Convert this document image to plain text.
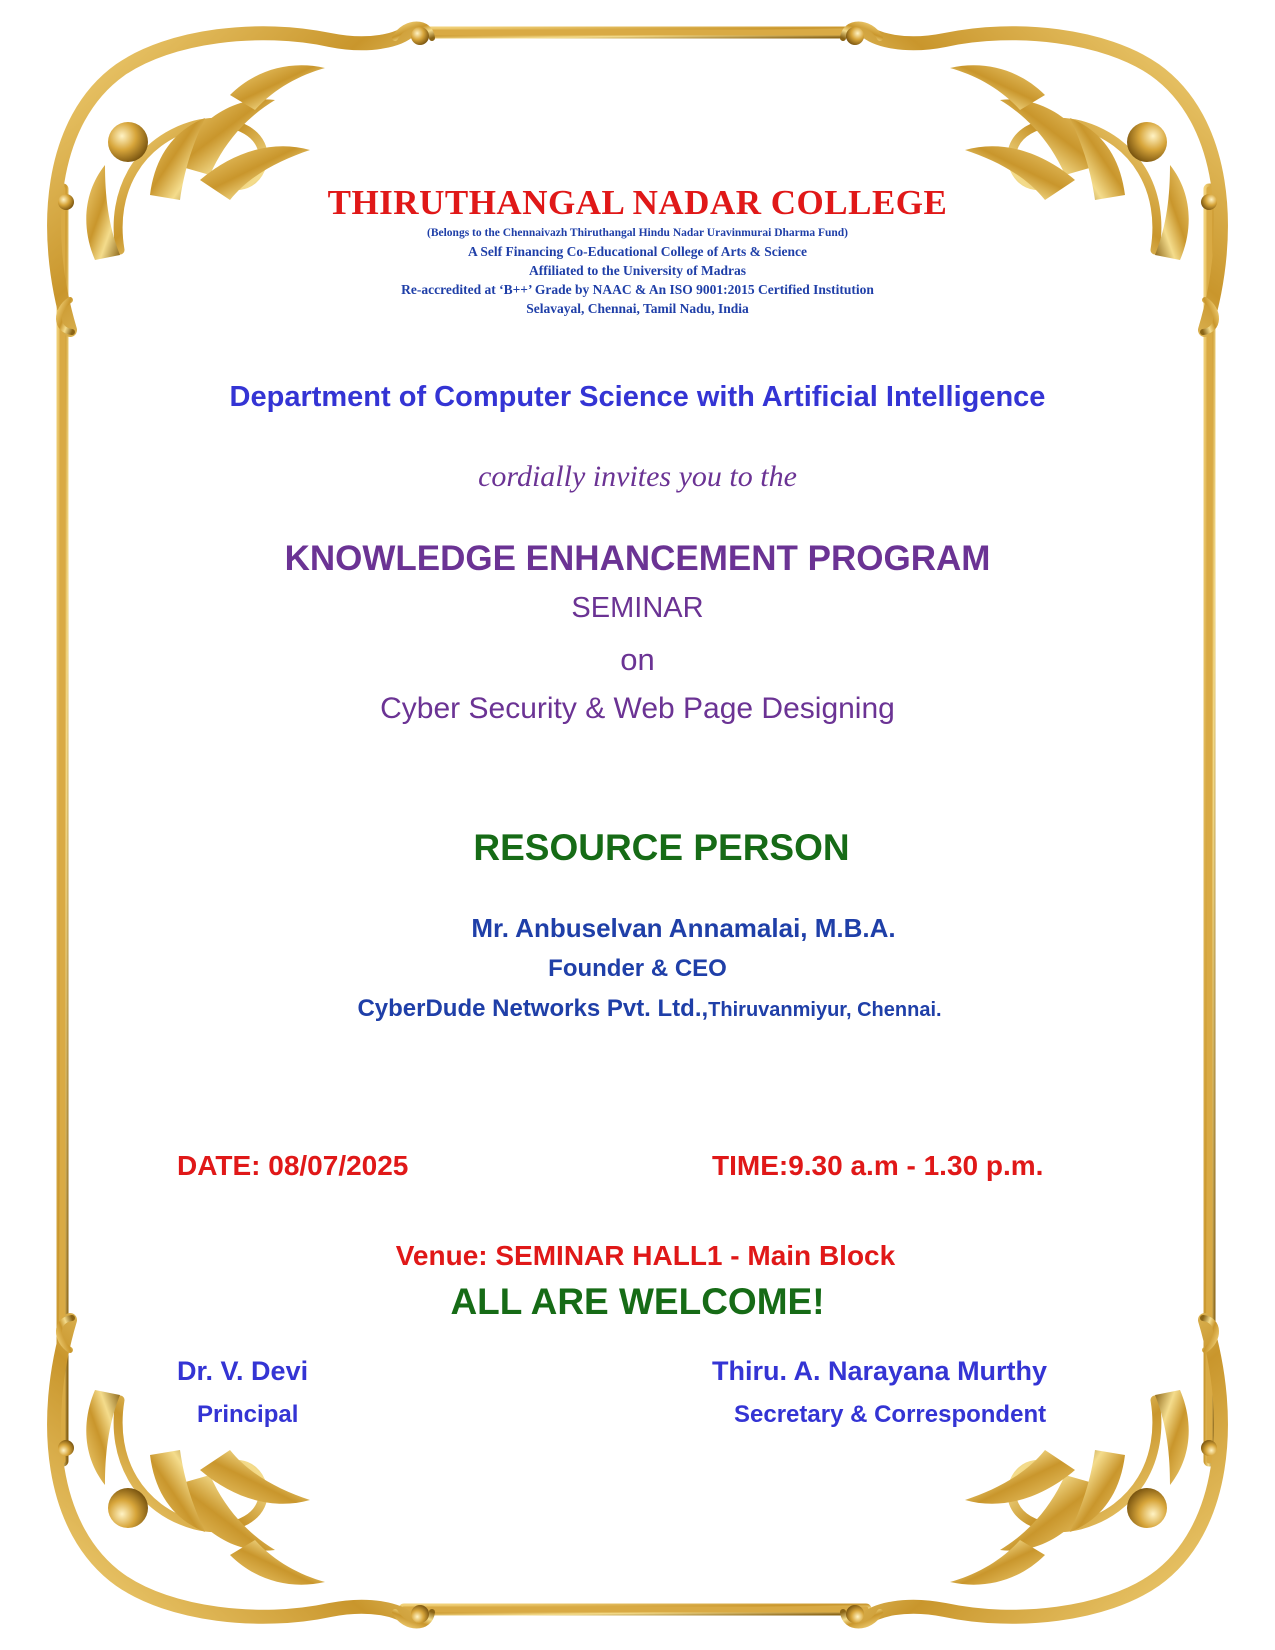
THIRUTHANGAL NADAR COLLEGE
(Belongs to the Chennaivazh Thiruthangal Hindu Nadar Uravinmurai Dharma Fund)
A Self Financing Co-Educational College of Arts & Science
Affiliated to the University of Madras
Re-accredited at ‘B++’ Grade by NAAC & An ISO 9001:2015 Certified Institution
Selavayal, Chennai, Tamil Nadu, India
Department of Computer Science with Artificial Intelligence
cordially invites you to the
KNOWLEDGE ENHANCEMENT PROGRAM
SEMINAR
on
Cyber Security & Web Page Designing
RESOURCE PERSON
Mr. Anbuselvan Annamalai, M.B.A.
Founder & CEO
CyberDude Networks Pvt. Ltd.,Thiruvanmiyur, Chennai.
DATE: 08/07/2025	TIME:9.30 a.m - 1.30 p.m.
Venue: SEMINAR HALL1 - Main Block
ALL ARE WELCOME!
Dr. V. Devi
Principal
Thiru. A. Narayana Murthy
Secretary & Correspondent
